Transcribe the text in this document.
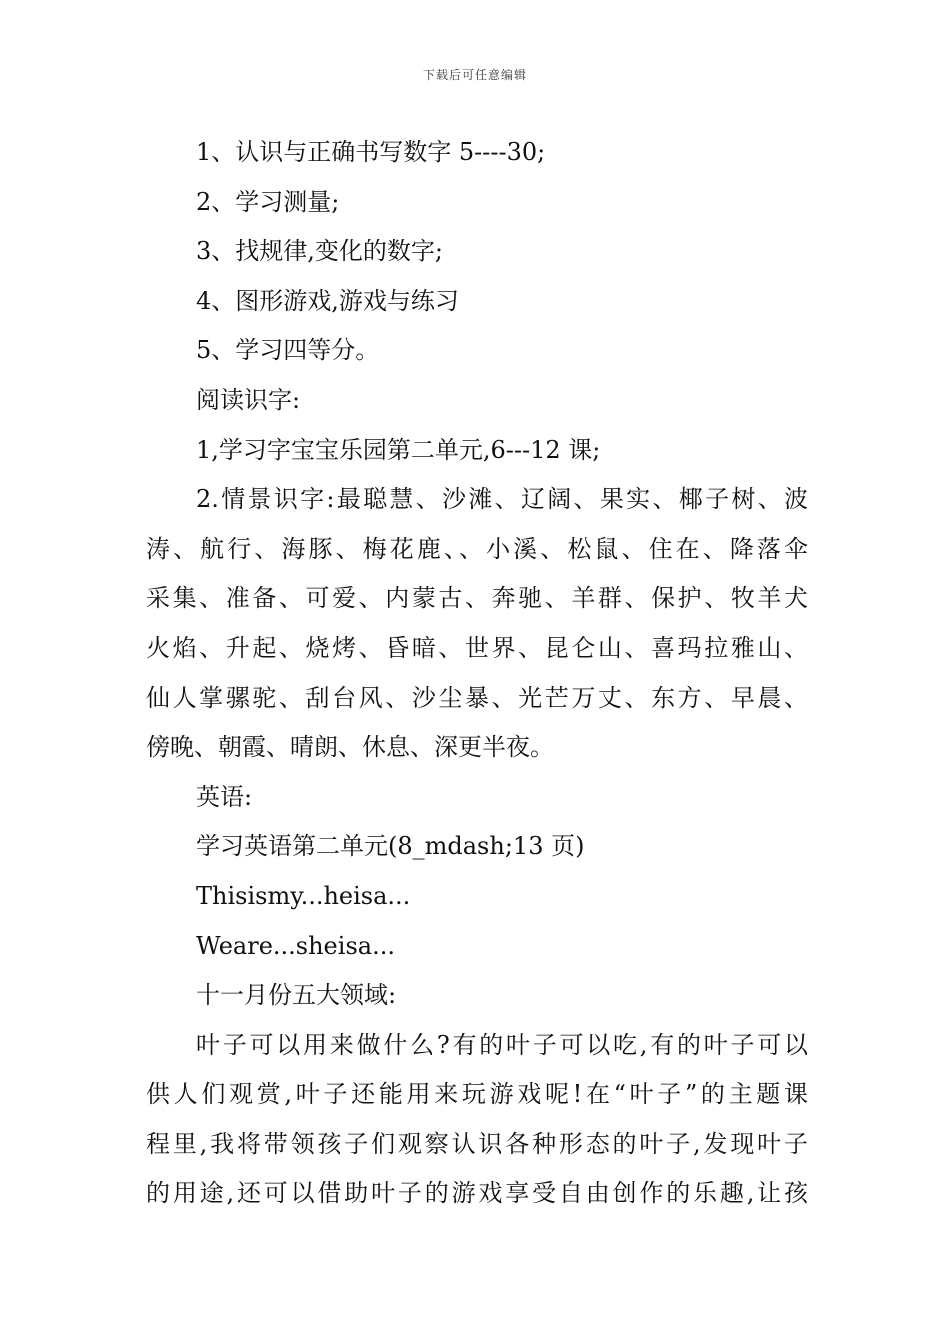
下载后可任意编辑
1、认识与正确书写数字 5----30;
2、学习测量;
3、找规律,变化的数字;
4、图形游戏,游戏与练习
5、学习四等分。
阅读识字:
1,学习字宝宝乐园第二单元,6---12 课;
2.情景识字:最聪慧、沙滩、辽阔、果实、椰子树、波
涛、航行、海豚、梅花鹿、、小溪、松鼠、住在、降落伞
采集、准备、可爱、内蒙古、奔驰、羊群、保护、牧羊犬
火焰、升起、烧烤、昏暗、世界、昆仑山、喜玛拉雅山、
仙人掌骡驼、刮台风、沙尘暴、光芒万丈、东方、早晨、
傍晚、朝霞、晴朗、休息、深更半夜。
英语:
学习英语第二单元(8_mdash;13 页)
Thisismy...heisa...
Weare...sheisa...
十一月份五大领域:
叶子可以用来做什么?有的叶子可以吃,有的叶子可以
供人们观赏,叶子还能用来玩游戏呢!在“叶子”的主题课
程里,我将带领孩子们观察认识各种形态的叶子,发现叶子
的用途,还可以借助叶子的游戏享受自由创作的乐趣,让孩
